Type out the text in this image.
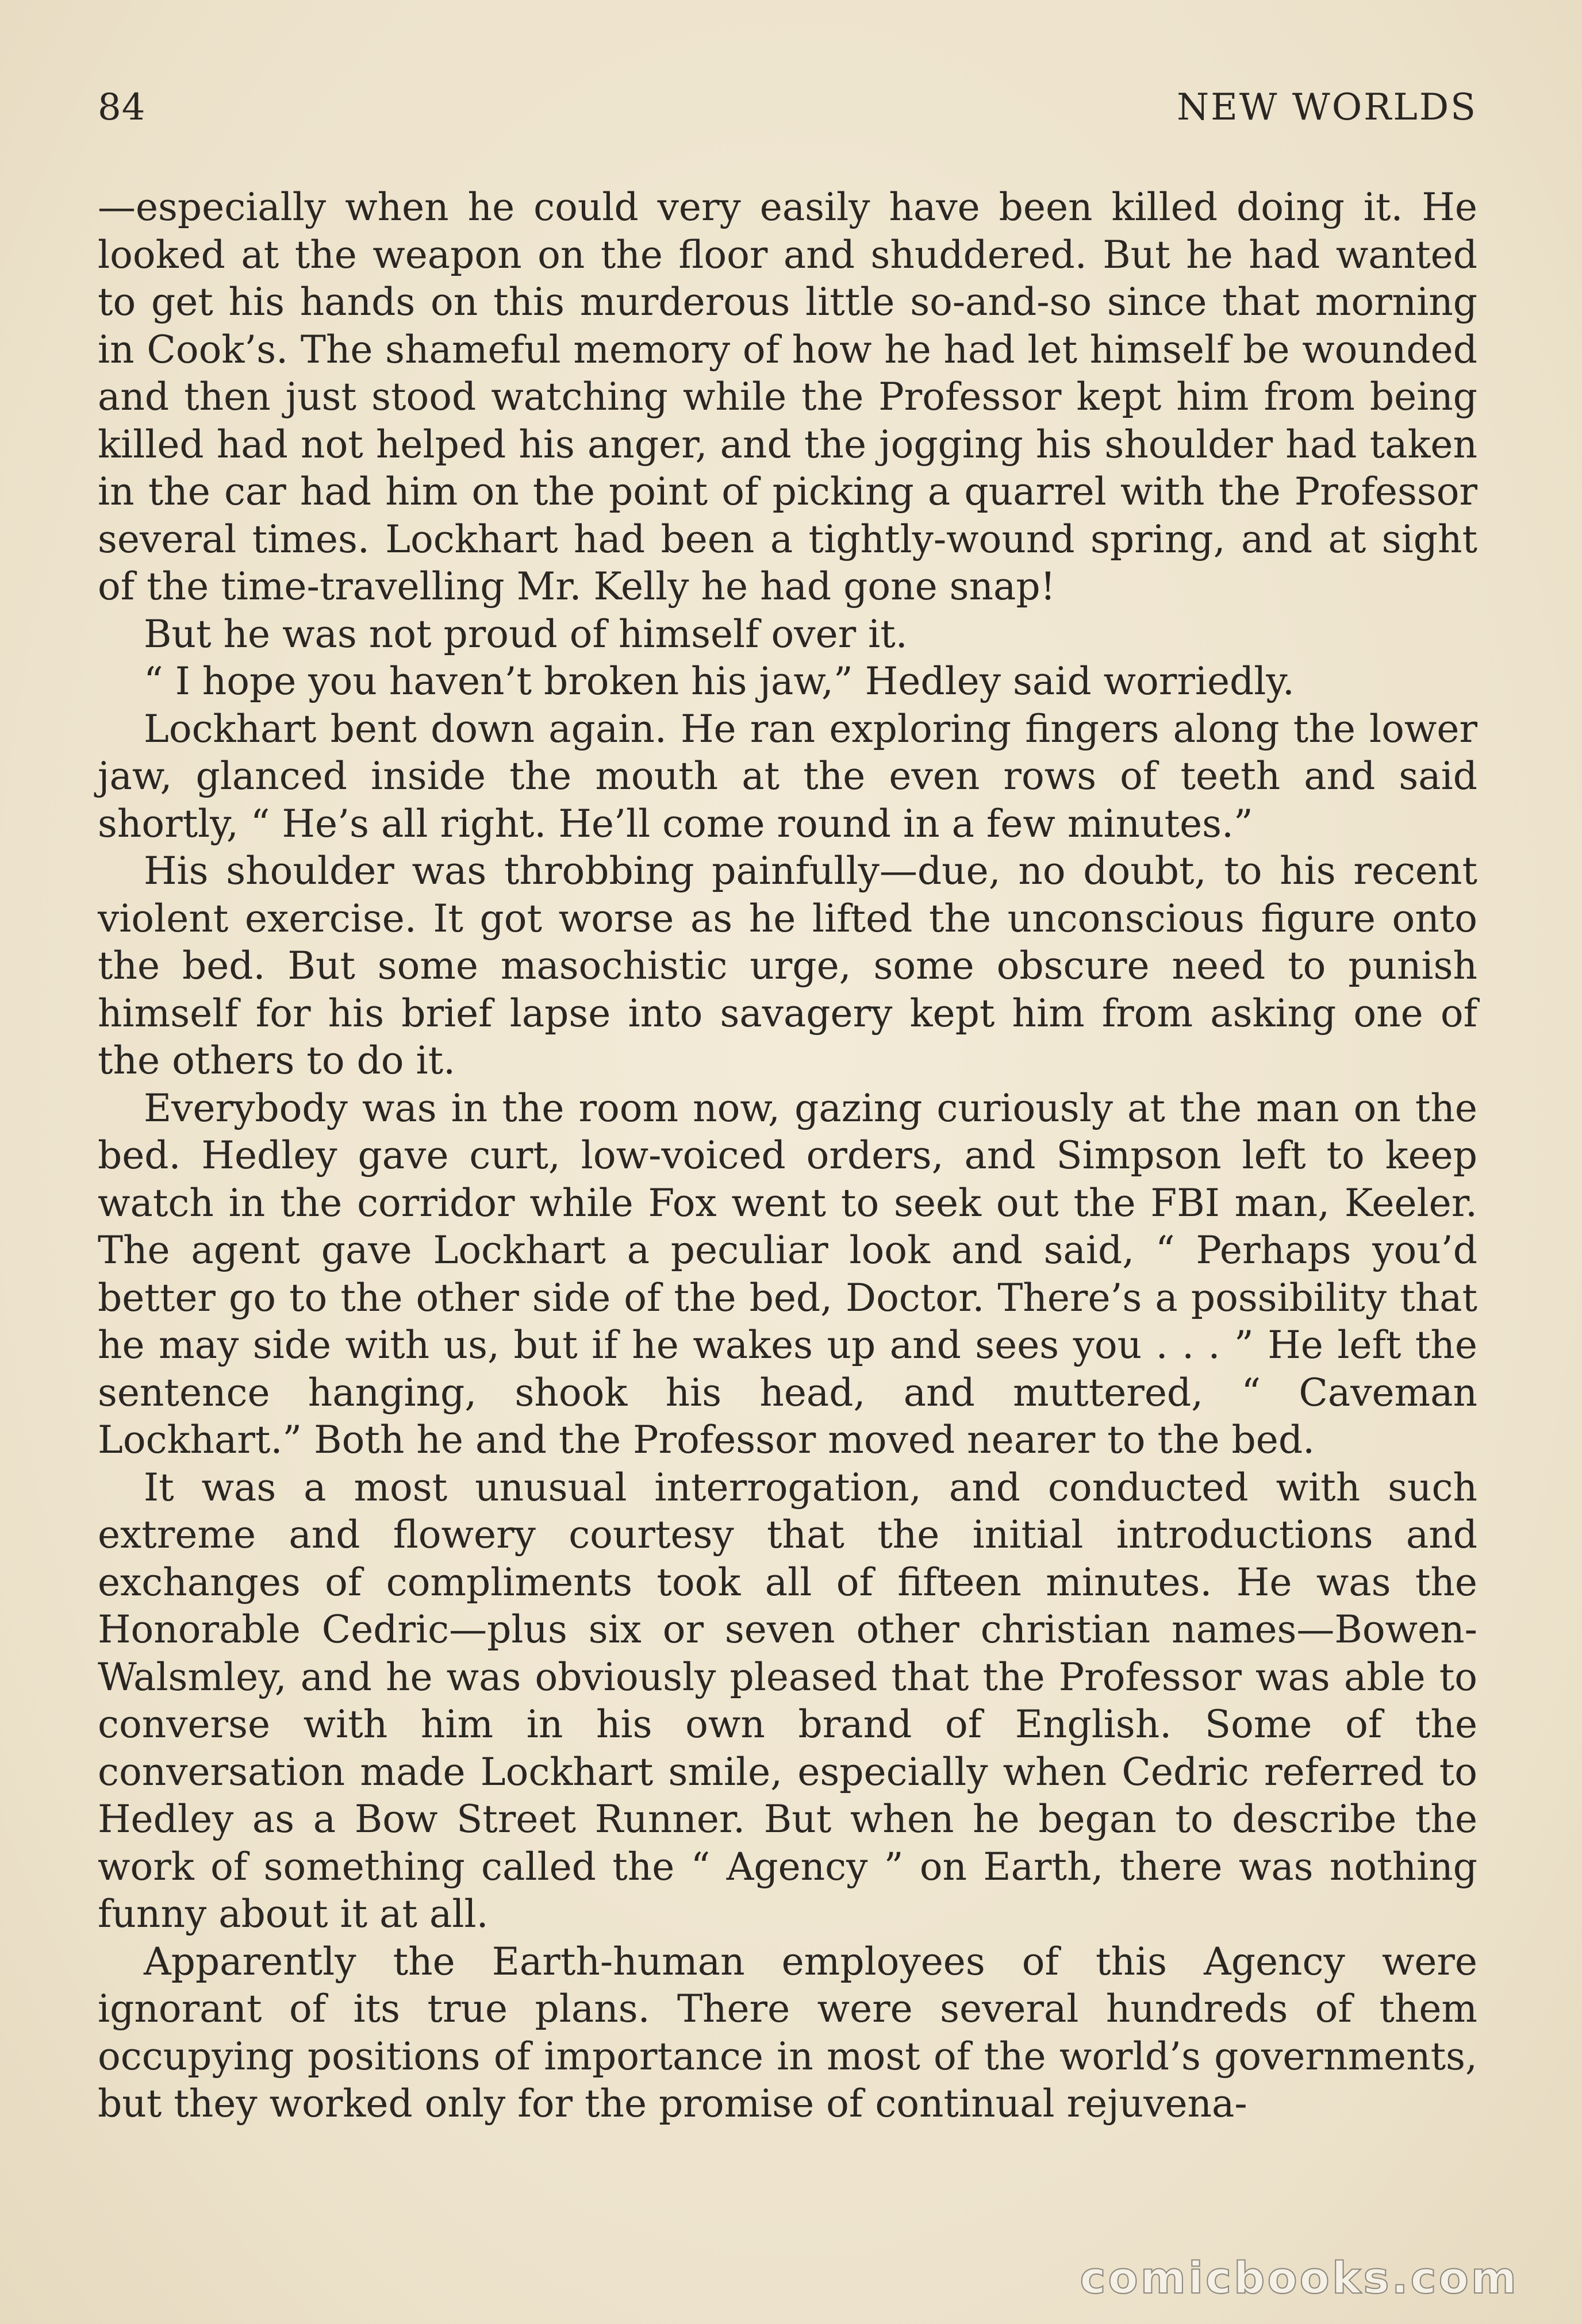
84	NEW WORLDS

—especially when he could very easily have been killed doing it. He looked at the weapon on the floor and shuddered. But he had wanted to get his hands on this murderous little so-and-so since that morning in Cook’s. The shameful memory of how he had let himself be wounded and then just stood watching while the Professor kept him from being killed had not helped his anger, and the jogging his shoulder had taken in the car had him on the point of picking a quarrel with the Professor several times. Lockhart had been a tightly-wound spring, and at sight of the time-travelling Mr. Kelly he had gone snap!

But he was not proud of himself over it.

“ I hope you haven’t broken his jaw,” Hedley said worriedly.

Lockhart bent down again. He ran exploring fingers along the lower jaw, glanced inside the mouth at the even rows of teeth and said shortly, “ He’s all right. He’ll come round in a few minutes.”

His shoulder was throbbing painfully—due, no doubt, to his recent violent exercise. It got worse as he lifted the unconscious figure onto the bed. But some masochistic urge, some obscure need to punish himself for his brief lapse into savagery kept him from asking one of the others to do it.

Everybody was in the room now, gazing curiously at the man on the bed. Hedley gave curt, low-voiced orders, and Simpson left to keep watch in the corridor while Fox went to seek out the FBI man, Keeler. The agent gave Lockhart a peculiar look and said, “ Perhaps you’d better go to the other side of the bed, Doctor. There’s a possibility that he may side with us, but if he wakes up and sees you . . . ” He left the sentence hanging, shook his head, and muttered, “ Caveman Lockhart.” Both he and the Professor moved nearer to the bed.

It was a most unusual interrogation, and conducted with such extreme and flowery courtesy that the initial introductions and exchanges of compliments took all of fifteen minutes. He was the Honorable Cedric—plus six or seven other christian names—Bowen-Walsmley, and he was obviously pleased that the Professor was able to converse with him in his own brand of English. Some of the conversation made Lockhart smile, especially when Cedric referred to Hedley as a Bow Street Runner. But when he began to describe the work of something called the “ Agency ” on Earth, there was nothing funny about it at all.

Apparently the Earth-human employees of this Agency were ignorant of its true plans. There were several hundreds of them occupying positions of importance in most of the world’s governments, but they worked only for the promise of continual rejuvena-

comicbooks.com
